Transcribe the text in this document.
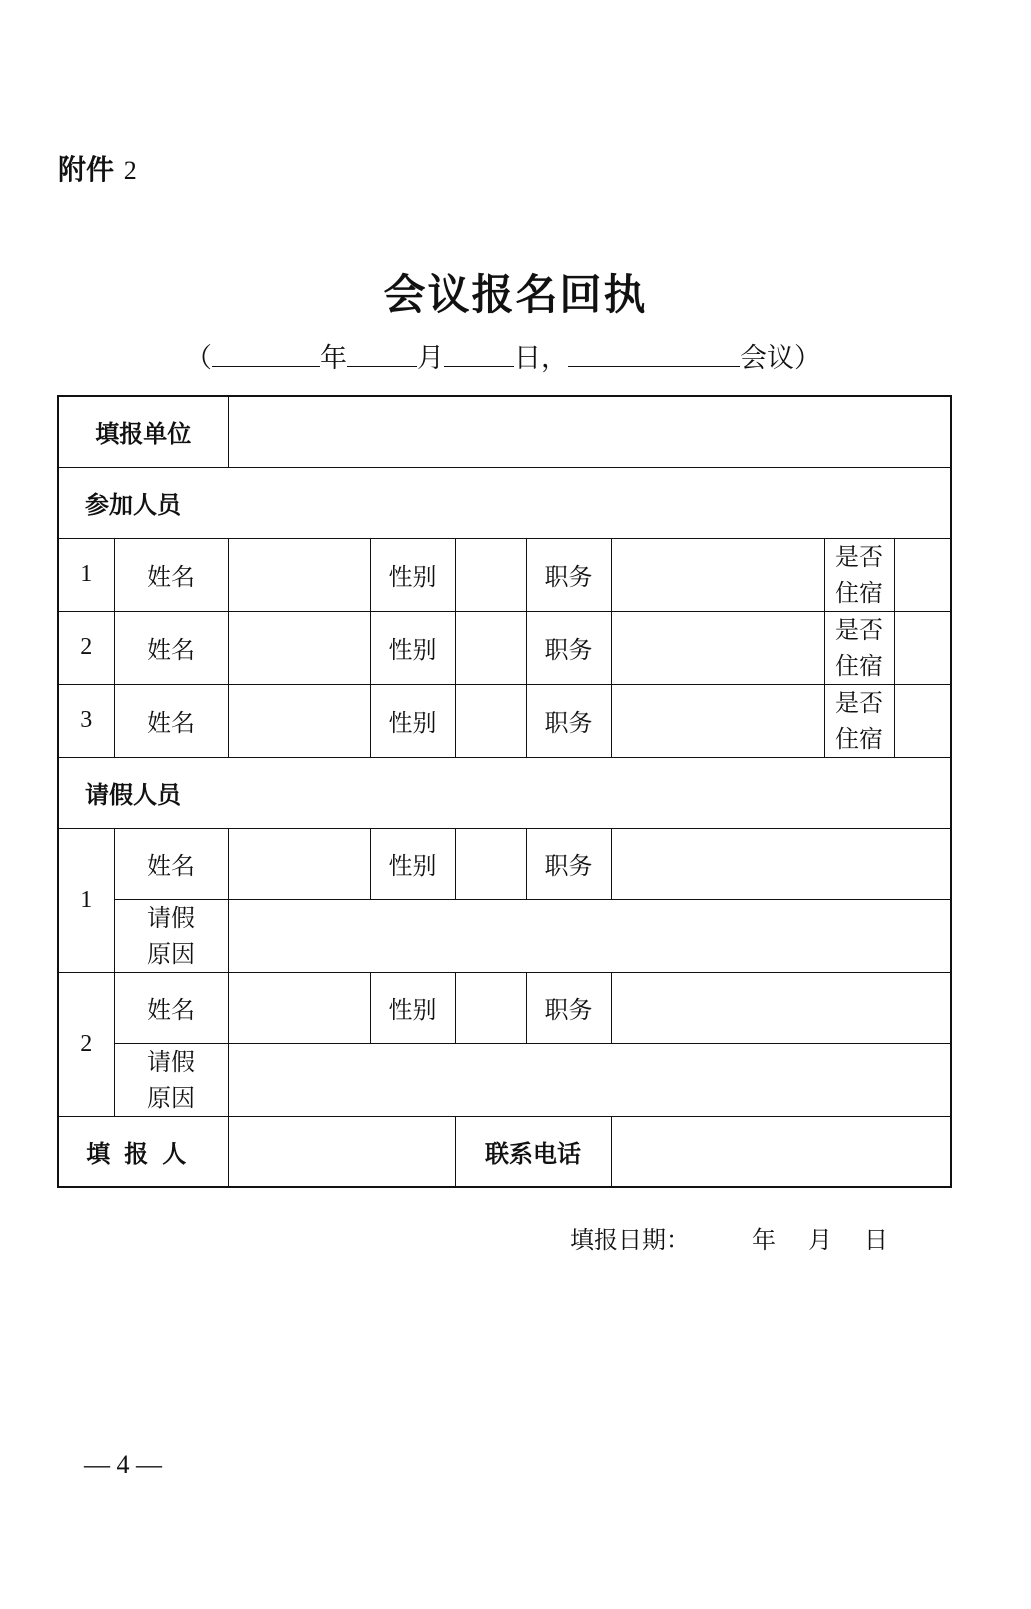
附件 2
会议报名回执
（	年	月	日，	会议）
填报单位								
参加人员								
1	姓名		性别		职务		是否
住宿	

2	姓名		性别		职务		是否
住宿	

3	姓名		性别		职务		是否
住宿	

请假人员								
1	姓名		性别		职务			

	请假
原因							

2	姓名		性别		职务			

	请假
原因							

填报人				联系电话				
填报日期：	年 月 日
— 4 —
